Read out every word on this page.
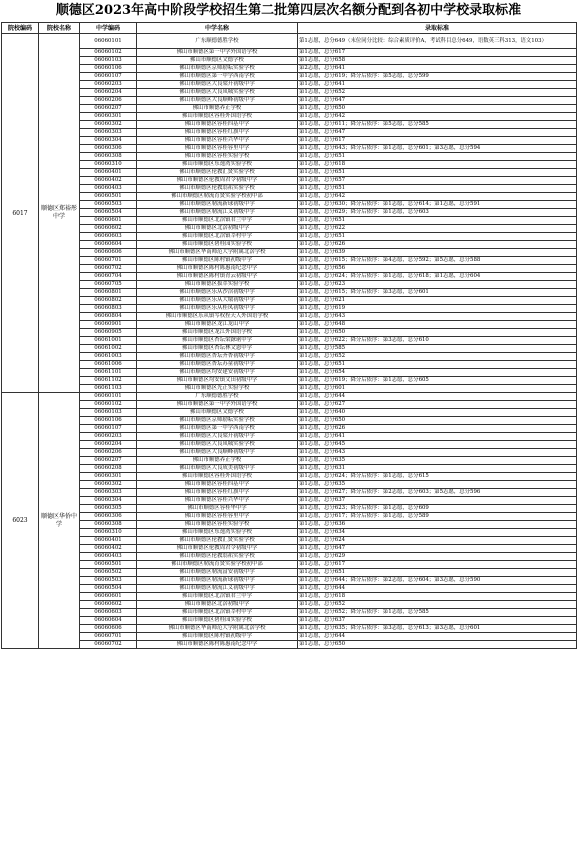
顺德区2023年高中阶段学校招生第二批第四层次名额分配到各初中学校录取标准
院校编码	院校名称	中学编码	中学名称	录取标准
6017	顺德区郑裕彤中学	06060101	广东顺德德胜学校	第1志愿，总分649（末位同分比较：综合素质评价A，考试科目总分649，语数英三科313，语文103）
		06060102	佛山市顺德区第一中学外国语学校	第1志愿，总分617
		06060103	佛山市顺德区文德学校	第1志愿，总分658
		06060106	佛山市顺德区京师励耘实验学校	第2志愿，总分641
		06060107	佛山市顺德区第一中学西南学校	第1志愿，总分619；降分后依序：第5志愿，总分599
		06060203	佛山市顺德区大良梁开初级中学	第1志愿，总分641
		06060204	佛山市顺德区大良凤城实验学校	第1志愿，总分652
		06060206	佛山市顺德区大良顺峰初级中学	第1志愿，总分647
		06060207	佛山市顺德养正学校	第1志愿，总分650
		06060301	佛山市顺德区容桂外国语学校	第1志愿，总分642
		06060302	佛山市顺德区容桂四基中学	第1志愿，总分611；降分后依序：第5志愿，总分585
		06060303	佛山市顺德区容桂红旗中学	第1志愿，总分647
		06060304	佛山市顺德区容桂兴华中学	第1志愿，总分617
		06060306	佛山市顺德区容桂容里中学	第1志愿，总分643；降分后依序：第1志愿，总分601；第3志愿，总分594
		06060308	佛山市顺德区容桂实验学校	第1志愿，总分651
		06060310	佛山市顺德区东逸湾实验学校	第1志愿，总分618
		06060401	佛山市顺德区伦教汇贤实验学校	第1志愿，总分651
		06060402	佛山市顺德区伦教周君令初级中学	第1志愿，总分657
		06060403	佛山市顺德区伦教翁祐实验学校	第1志愿，总分651
		06060501	佛山市顺德区勒流育贤实验学校初中部	第1志愿，总分642
		06060503	佛山市顺德区勒流新球初级中学	第1志愿，总分630；降分后依序：第1志愿，总分614；第1志愿，总分591
		06060504	佛山市顺德区勒流江义初级中学	第1志愿，总分629；降分后依序：第1志愿，总分603
		06060601	佛山市顺德区北滘镇君兰中学	第1志愿，总分651
		06060602	佛山市顺德区北滘初级中学	第1志愿，总分622
		06060603	佛山市顺德区北滘镇莘村中学	第1志愿，总分651
		06060604	佛山市顺德区碧桂园实验学校	第1志愿，总分626
		06060606	佛山市顺德区华南师范大学附属北滘学校	第1志愿，总分639
		06060701	佛山市顺德区陈村镇初级中学	第1志愿，总分615；降分后依序：第4志愿，总分592；第5志愿，总分588
		06060702	佛山市顺德区陈村陈惠南纪念中学	第1志愿，总分656
		06060704	佛山市顺德区陈村镇青云初级中学	第1志愿，总分624；降分后依序：第1志愿，总分618；第1志愿，总分604
		06060705	佛山市顺德区拔萃实验学校	第1志愿，总分623
		06060801	佛山市顺德区乐从沙滘初级中学	第1志愿，总分615；降分后依序：第3志愿，总分601
		06060802	佛山市顺德区乐从大墩初级中学	第1志愿，总分621
		06060803	佛山市顺德区乐从桂凤初级中学	第1志愿，总分619
		06060804	佛山市顺德区乐从镇岑权拴天人外国语学校	第1志愿，总分643
		06060901	佛山市顺德区龙江龙山中学	第1志愿，总分648
		06060905	佛山市顺德区龙江外国语学校	第1志愿，总分650
		06061001	佛山市顺德区杏坛梁銶琚中学	第1志愿，总分622；降分后依序：第3志愿，总分610
		06061002	佛山市顺德区杏坛林文恩中学	第1志愿，总分585
		06061003	佛山市顺德区杏坛齐杏初级中学	第1志愿，总分652
		06061006	佛山市顺德区杏坛苏童初级中学	第1志愿，总分651
		06061101	佛山市顺德区均安建安初级中学	第1志愿，总分654
		06061102	佛山市顺德区均安镇文田初级中学	第1志愿，总分619；降分后依序：第1志愿，总分605
		06061103	佛山市顺德区光正实验学校	第1志愿，总分601
6023	顺德区华侨中学	06060101	广东顺德德胜学校	第1志愿，总分644
		06060102	佛山市顺德区第一中学外国语学校	第1志愿，总分627
		06060103	佛山市顺德区文德学校	第1志愿，总分640
		06060106	佛山市顺德区京师励耘实验学校	第1志愿，总分650
		06060107	佛山市顺德区第一中学西南学校	第1志愿，总分626
		06060203	佛山市顺德区大良梁开初级中学	第1志愿，总分641
		06060204	佛山市顺德区大良凤城实验学校	第1志愿，总分645
		06060206	佛山市顺德区大良顺峰初级中学	第1志愿，总分643
		06060207	佛山市顺德养正学校	第1志愿，总分635
		06060208	佛山市顺德区大良成美初级中学	第1志愿，总分631
		06060301	佛山市顺德区容桂外国语学校	第1志愿，总分624；降分后依序：第1志愿，总分615
		06060302	佛山市顺德区容桂四基中学	第1志愿，总分635
		06060303	佛山市顺德区容桂红旗中学	第1志愿，总分627；降分后依序：第2志愿，总分603；第5志愿，总分596
		06060304	佛山市顺德区容桂兴华中学	第1志愿，总分637
		06060305	佛山市顺德区容桂华中学	第1志愿，总分623；降分后依序：第1志愿，总分609
		06060306	佛山市顺德区容桂容里中学	第1志愿，总分617；降分后依序：第1志愿，总分589
		06060308	佛山市顺德区容桂实验学校	第1志愿，总分636
		06060310	佛山市顺德区东逸湾实验学校	第1志愿，总分634
		06060401	佛山市顺德区伦教汇贤实验学校	第1志愿，总分624
		06060402	佛山市顺德区伦教周君令初级中学	第1志愿，总分647
		06060403	佛山市顺德区伦教翁祐实验学校	第1志愿，总分629
		06060501	佛山市顺德区勒流育贤实验学校初中部	第1志愿，总分617
		06060502	佛山市顺德区勒流富安初级中学	第1志愿，总分651
		06060503	佛山市顺德区勒流新球初级中学	第1志愿，总分644；降分后依序：第2志愿，总分604；第3志愿，总分590
		06060504	佛山市顺德区勒流江义初级中学	第1志愿，总分644
		06060601	佛山市顺德区北滘镇君兰中学	第1志愿，总分618
		06060602	佛山市顺德区北滘初级中学	第1志愿，总分652
		06060603	佛山市顺德区北滘镇莘村中学	第1志愿，总分652；降分后依序：第1志愿，总分585
		06060604	佛山市顺德区碧桂园实验学校	第1志愿，总分637
		06060606	佛山市顺德区华南师范大学附属北滘学校	第1志愿，总分635；降分后依序：第3志愿，总分613；第3志愿，总分601
		06060701	佛山市顺德区陈村镇初级中学	第1志愿，总分644
		06060702	佛山市顺德区陈村陈惠南纪念中学	第1志愿，总分650
